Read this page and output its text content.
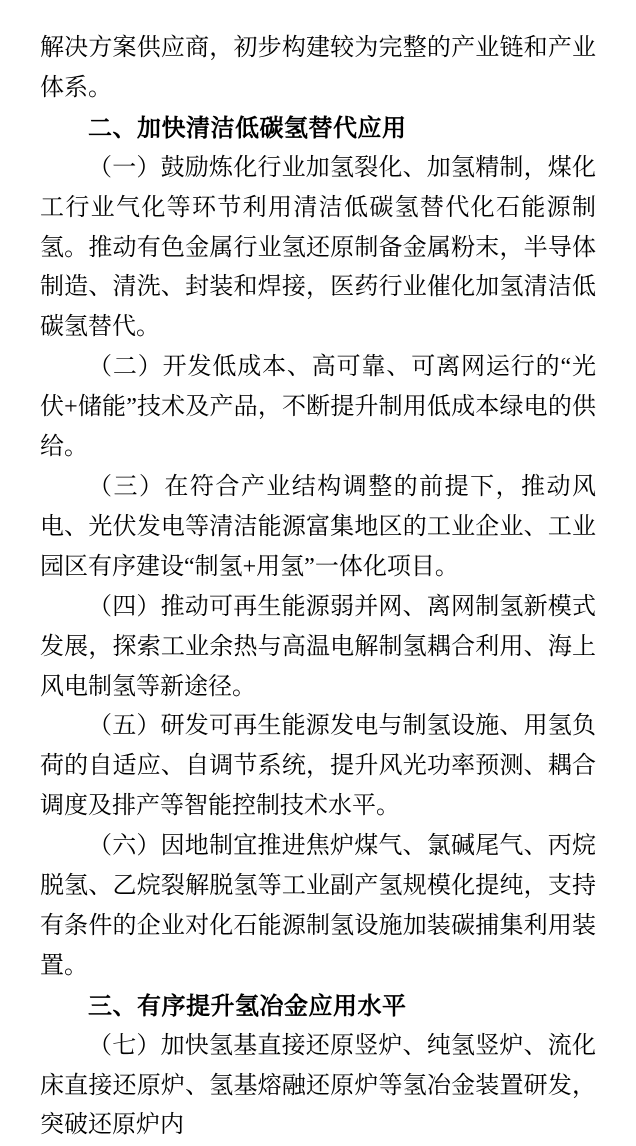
解决方案供应商，初步构建较为完整的产业链和产业体系。

二、加快清洁低碳氢替代应用

（一）鼓励炼化行业加氢裂化、加氢精制，煤化工行业气化等环节利用清洁低碳氢替代化石能源制氢。推动有色金属行业氢还原制备金属粉末，半导体制造、清洗、封装和焊接，医药行业催化加氢清洁低碳氢替代。

（二）开发低成本、高可靠、可离网运行的“光伏+储能”技术及产品，不断提升制用低成本绿电的供给。

（三）在符合产业结构调整的前提下，推动风电、光伏发电等清洁能源富集地区的工业企业、工业园区有序建设“制氢+用氢”一体化项目。

（四）推动可再生能源弱并网、离网制氢新模式发展，探索工业余热与高温电解制氢耦合利用、海上风电制氢等新途径。

（五）研发可再生能源发电与制氢设施、用氢负荷的自适应、自调节系统，提升风光功率预测、耦合调度及排产等智能控制技术水平。

（六）因地制宜推进焦炉煤气、氯碱尾气、丙烷脱氢、乙烷裂解脱氢等工业副产氢规模化提纯，支持有条件的企业对化石能源制氢设施加装碳捕集利用装置。

三、有序提升氢冶金应用水平

（七）加快氢基直接还原竖炉、纯氢竖炉、流化床直接还原炉、氢基熔融还原炉等氢冶金装置研发，突破还原炉内
